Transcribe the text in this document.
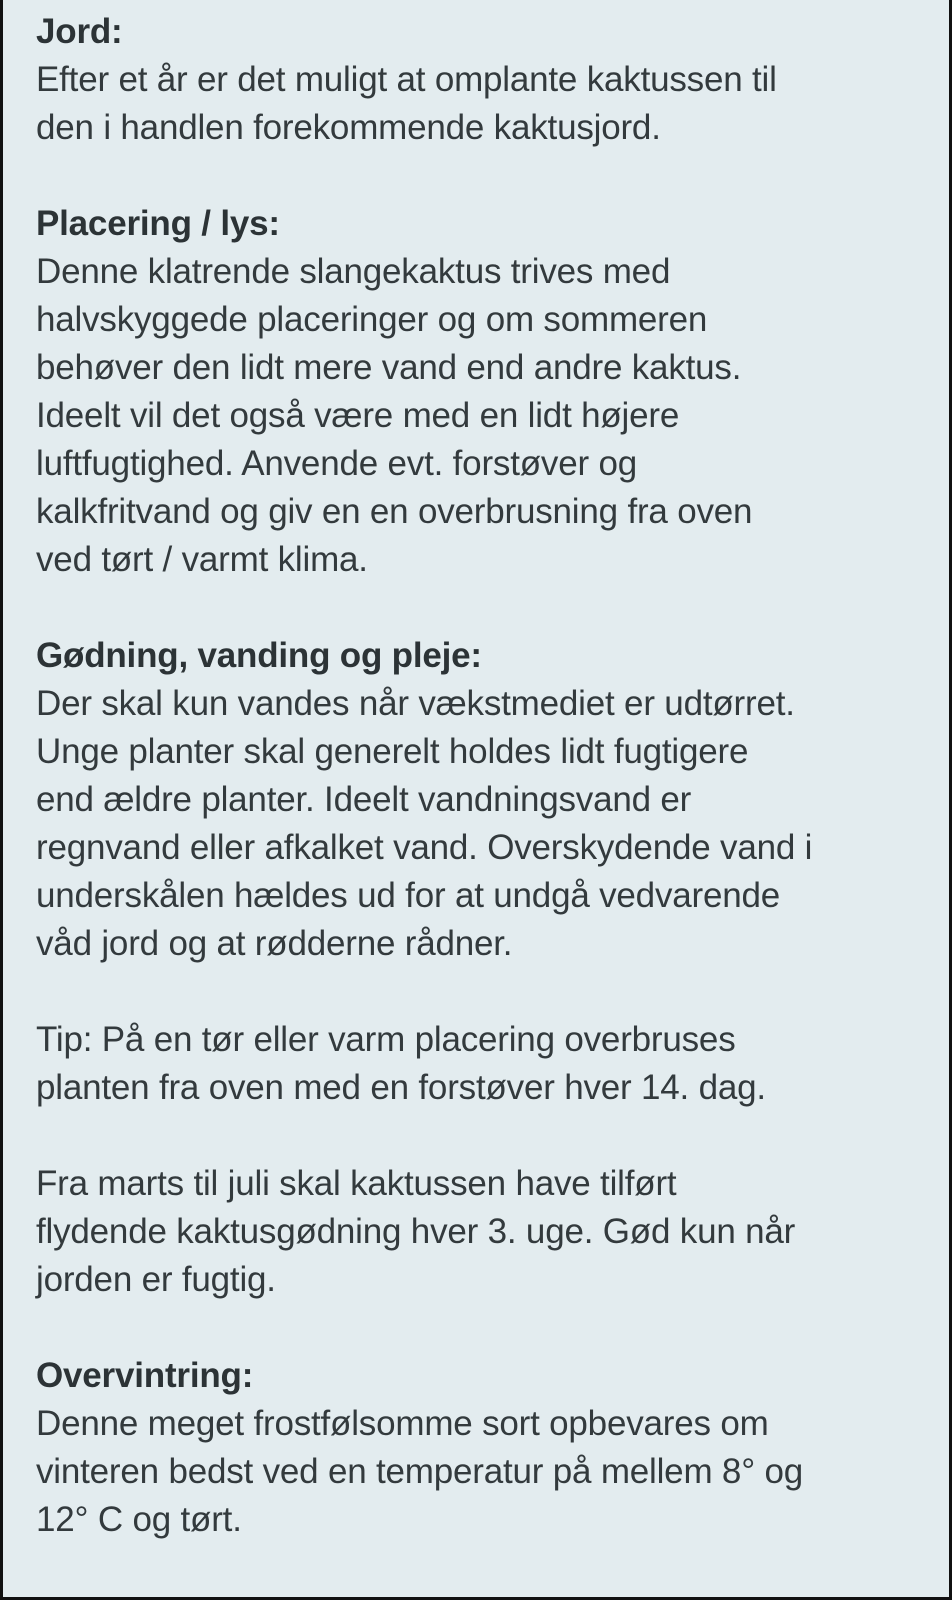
Jord:
Efter et år er det muligt at omplante kaktussen til
den i handlen forekommende kaktusjord.
Placering / lys:
Denne klatrende slangekaktus trives med
halvskyggede placeringer og om sommeren
behøver den lidt mere vand end andre kaktus.
Ideelt vil det også være med en lidt højere
luftfugtighed. Anvende evt. forstøver og
kalkfritvand og giv en en overbrusning fra oven
ved tørt / varmt klima.
Gødning, vanding og pleje:
Der skal kun vandes når vækstmediet er udtørret.
Unge planter skal generelt holdes lidt fugtigere
end ældre planter. Ideelt vandningsvand er
regnvand eller afkalket vand. Overskydende vand i
underskålen hældes ud for at undgå vedvarende
våd jord og at rødderne rådner.
Tip: På en tør eller varm placering overbruses
planten fra oven med en forstøver hver 14. dag.
Fra marts til juli skal kaktussen have tilført
flydende kaktusgødning hver 3. uge. Gød kun når
jorden er fugtig.
Overvintring:
Denne meget frostfølsomme sort opbevares om
vinteren bedst ved en temperatur på mellem 8° og
12° C og tørt.
